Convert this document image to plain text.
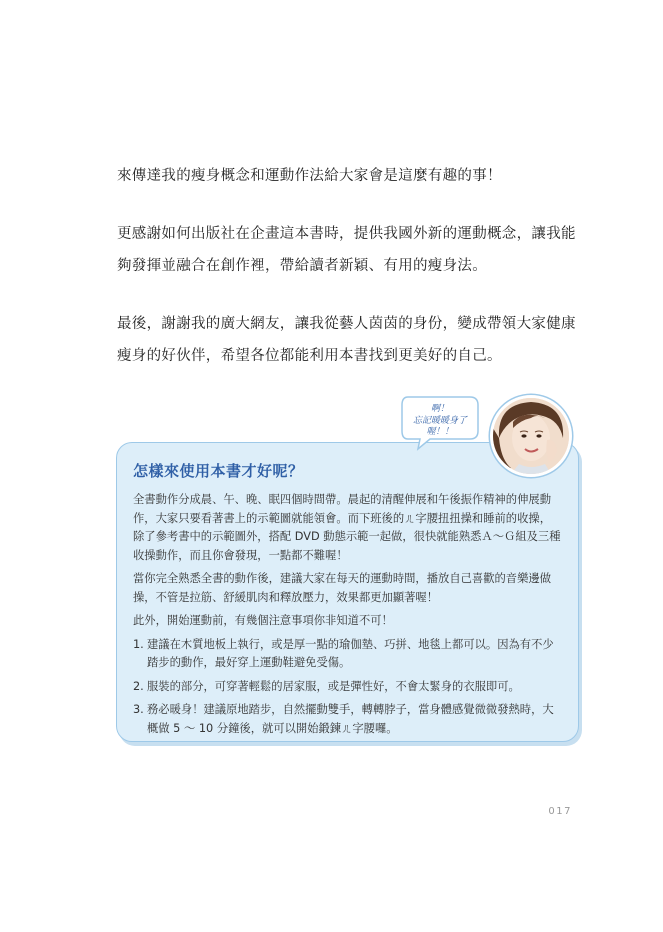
來傳達我的瘦身概念和運動作法給大家會是這麼有趣的事！

更感謝如何出版社在企畫這本書時，提供我國外新的運動概念，讓我能夠發揮並融合在創作裡，帶給讀者新穎、有用的瘦身法。

最後，謝謝我的廣大網友，讓我從藝人茵茵的身份，變成帶領大家健康瘦身的好伙伴，希望各位都能利用本書找到更美好的自己。

怎樣來使用本書才好呢？

全書動作分成晨、午、晚、眠四個時間帶。晨起的清醒伸展和午後振作精神的伸展動作，大家只要看著書上的示範圖就能領會。而下班後的ㄦ字腰扭扭操和睡前的收操，除了參考書中的示範圖外，搭配 DVD 動態示範一起做，很快就能熟悉Ａ～Ｇ組及三種收操動作，而且你會發現，一點都不難喔！

當你完全熟悉全書的動作後，建議大家在每天的運動時間，播放自己喜歡的音樂邊做操，不管是拉筋、舒緩肌肉和釋放壓力，效果都更加顯著喔！

此外，開始運動前，有幾個注意事項你非知道不可！

1. 建議在木質地板上執行，或是厚一點的瑜伽墊、巧拼、地毯上都可以。因為有不少踏步的動作，最好穿上運動鞋避免受傷。
2. 服裝的部分，可穿著輕鬆的居家服，或是彈性好，不會太緊身的衣服即可。
3. 務必暖身！建議原地踏步，自然擺動雙手，轉轉脖子，當身體感覺微微發熱時，大概做 5 ～ 10 分鐘後，就可以開始鍛鍊ㄦ字腰囉。
啊！
忘記暖暖身了喔！！
017
